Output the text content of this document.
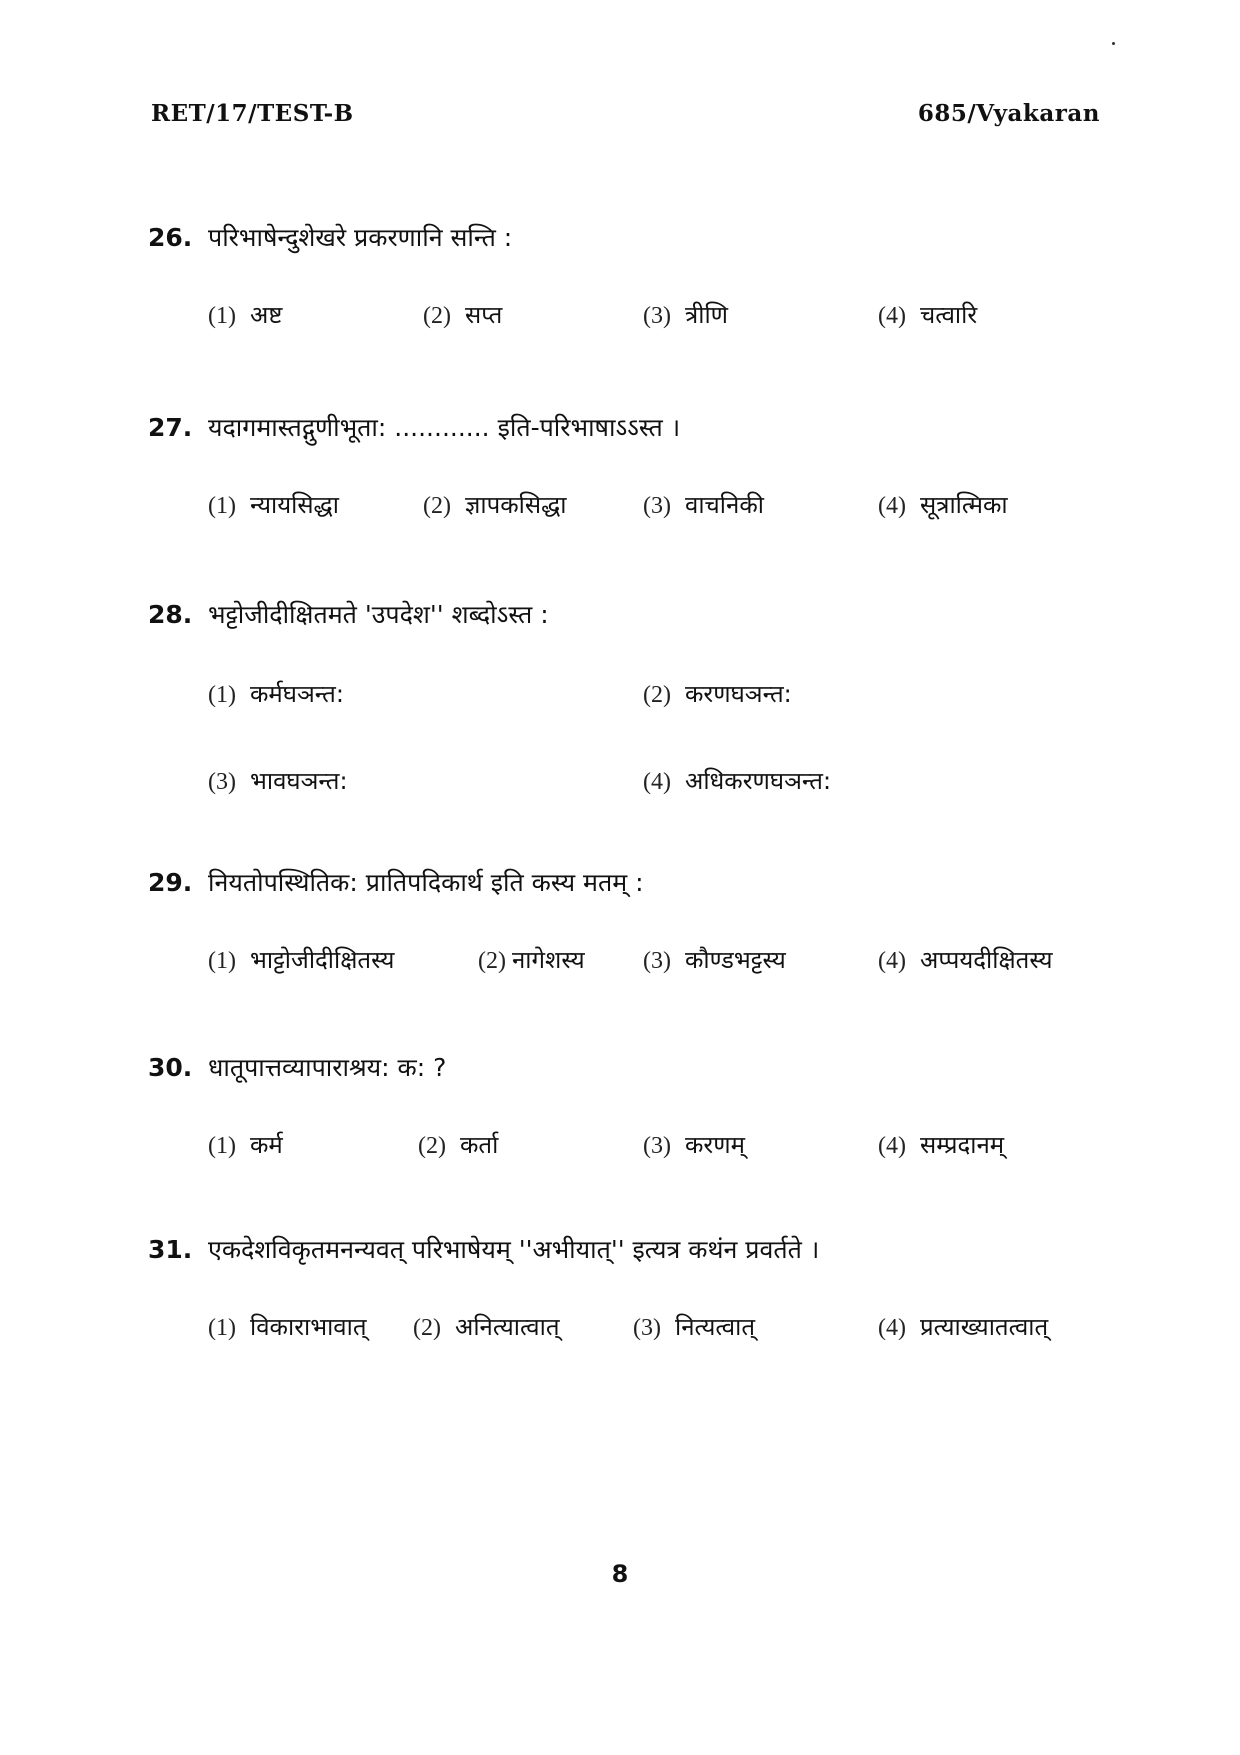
RET/17/TEST-B	685/Vyakaran
26. परिभाषेन्दुशेखरे प्रकरणानि सन्ति :
(1) अष्ट	(2) सप्त	(3) त्रीणि	(4) चत्वारि
27. यदागमास्तद्गुणीभूता: ............ इति-परिभाषाऽऽस्त ।
(1) न्यायसिद्धा	(2) ज्ञापकसिद्धा	(3) वाचनिकी	(4) सूत्रात्मिका
28. भट्टोजीदीक्षितमते 'उपदेश'' शब्दोऽस्त :
(1) कर्मघञन्त:	(2) करणघञन्त:
(3) भावघञन्त:	(4) अधिकरणघञन्त:
29. नियतोपस्थितिक: प्रातिपदिकार्थ इति कस्य मतम् :
(1) भाट्टोजीदीक्षितस्य	(2) नागेशस्य (3) कौण्डभट्टस्य	(4) अप्पयदीक्षितस्य
30. धातूपात्तव्यापाराश्रय: क: ?
(1) कर्म	(2) कर्ता	(3) करणम्	(4) सम्प्रदानम्
31. एकदेशविकृतमनन्यवत् परिभाषेयम् ''अभीयात्'' इत्यत्र कथंन प्रवर्तते ।
(1) विकाराभावात् (2) अनित्यात्वात्	(3) नित्यत्वात्	(4) प्रत्याख्यातत्वात्
8
